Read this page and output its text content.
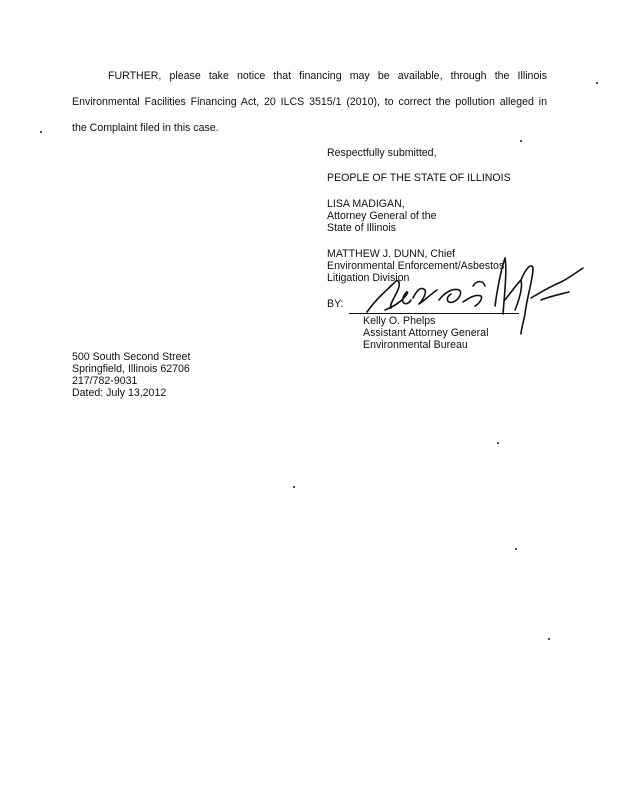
FURTHER, please take notice that financing may be available, through the Illinois
Environmental Facilities Financing Act, 20 ILCS 3515/1 (2010), to correct the pollution alleged in
the Complaint filed in this case.
Respectfully submitted,
PEOPLE OF THE STATE OF ILLINOIS
LISA MADIGAN,
Attorney General of the
State of Illinois
MATTHEW J. DUNN, Chief
Environmental Enforcement/Asbestos
Litigation Division
BY:
Kelly O. Phelps
Assistant Attorney General
Environmental Bureau
500 South Second Street
Springfield, Illinois 62706
217/782-9031
Dated: July 13,2012
